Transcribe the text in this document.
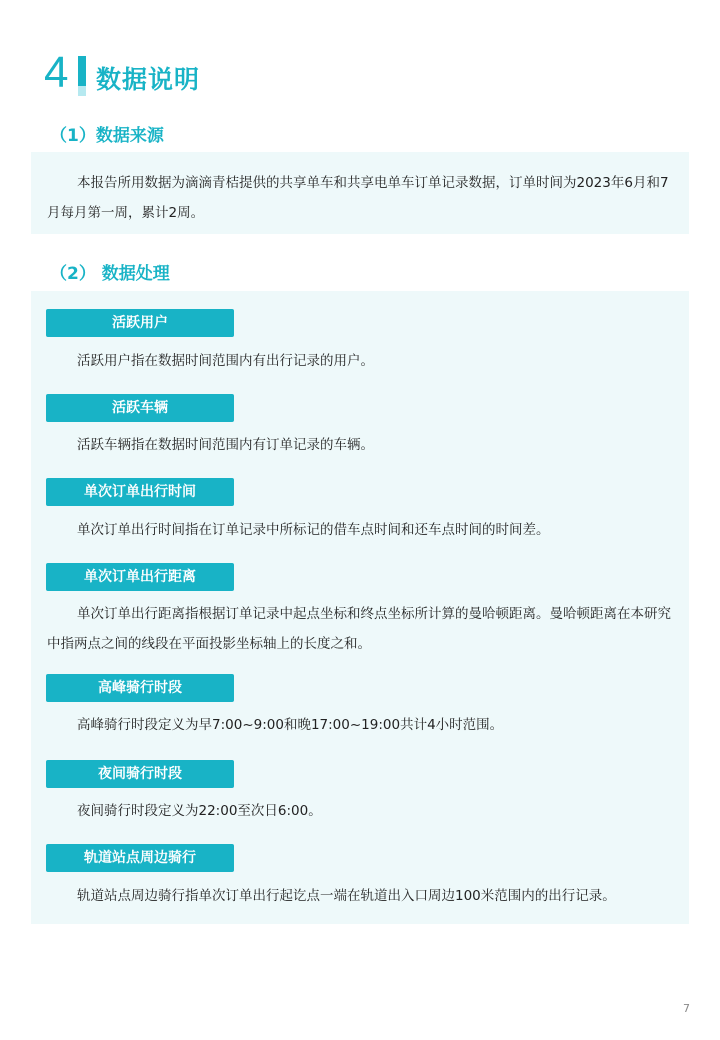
4 数据说明
（1）数据来源
本报告所用数据为滴滴青桔提供的共享单车和共享电单车订单记录数据，订单时间为2023年6月和7月每月第一周，累计2周。
（2） 数据处理
活跃用户
活跃用户指在数据时间范围内有出行记录的用户。
活跃车辆
活跃车辆指在数据时间范围内有订单记录的车辆。
单次订单出行时间
单次订单出行时间指在订单记录中所标记的借车点时间和还车点时间的时间差。
单次订单出行距离
单次订单出行距离指根据订单记录中起点坐标和终点坐标所计算的曼哈顿距离。曼哈顿距离在本研究中指两点之间的线段在平面投影坐标轴上的长度之和。
高峰骑行时段
高峰骑行时段定义为早7:00~9:00和晚17:00~19:00共计4小时范围。
夜间骑行时段
夜间骑行时段定义为22:00至次日6:00。
轨道站点周边骑行
轨道站点周边骑行指单次订单出行起讫点一端在轨道出入口周边100米范围内的出行记录。
7
